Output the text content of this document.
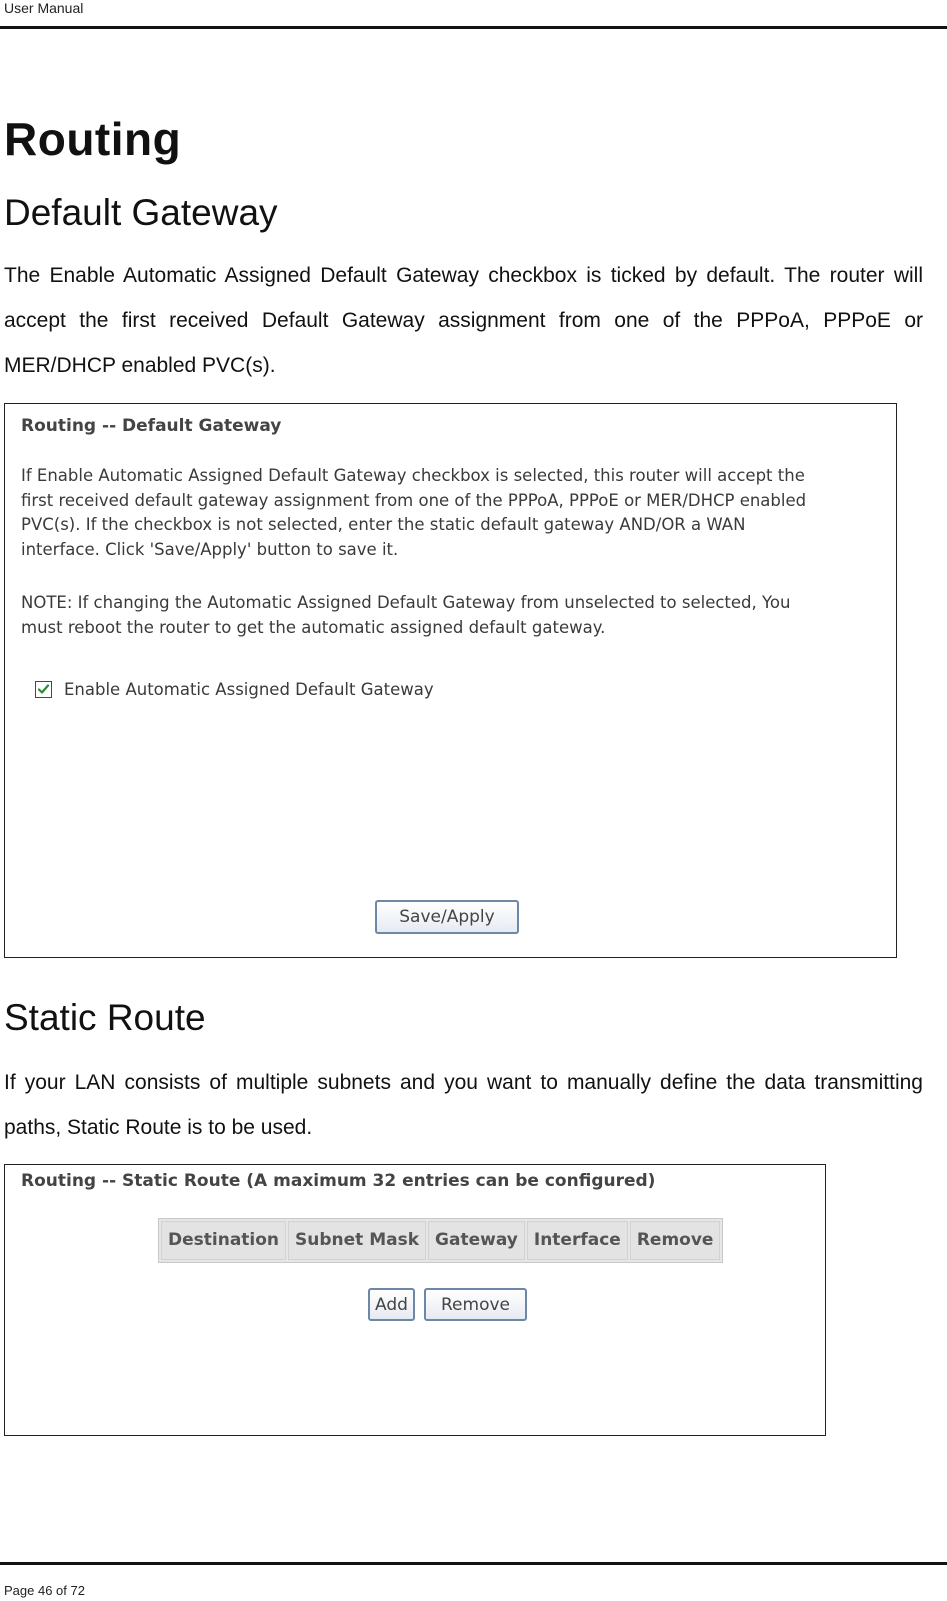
User Manual
Routing
Default Gateway
The Enable Automatic Assigned Default Gateway checkbox is ticked by default. The router will accept the first received Default Gateway assignment from one of the PPPoA, PPPoE or MER/DHCP enabled PVC(s).
Routing -- Default Gateway
If Enable Automatic Assigned Default Gateway checkbox is selected, this router will accept the
first received default gateway assignment from one of the PPPoA, PPPoE or MER/DHCP enabled
PVC(s). If the checkbox is not selected, enter the static default gateway AND/OR a WAN
interface. Click 'Save/Apply' button to save it.
NOTE: If changing the Automatic Assigned Default Gateway from unselected to selected, You
must reboot the router to get the automatic assigned default gateway.
Enable Automatic Assigned Default Gateway
Save/Apply
Static Route
If your LAN consists of multiple subnets and you want to manually define the data transmitting paths, Static Route is to be used.
Routing -- Static Route (A maximum 32 entries can be configured)
Destination	Subnet Mask	Gateway	Interface	Remove
Add	Remove
Page 46 of 72
